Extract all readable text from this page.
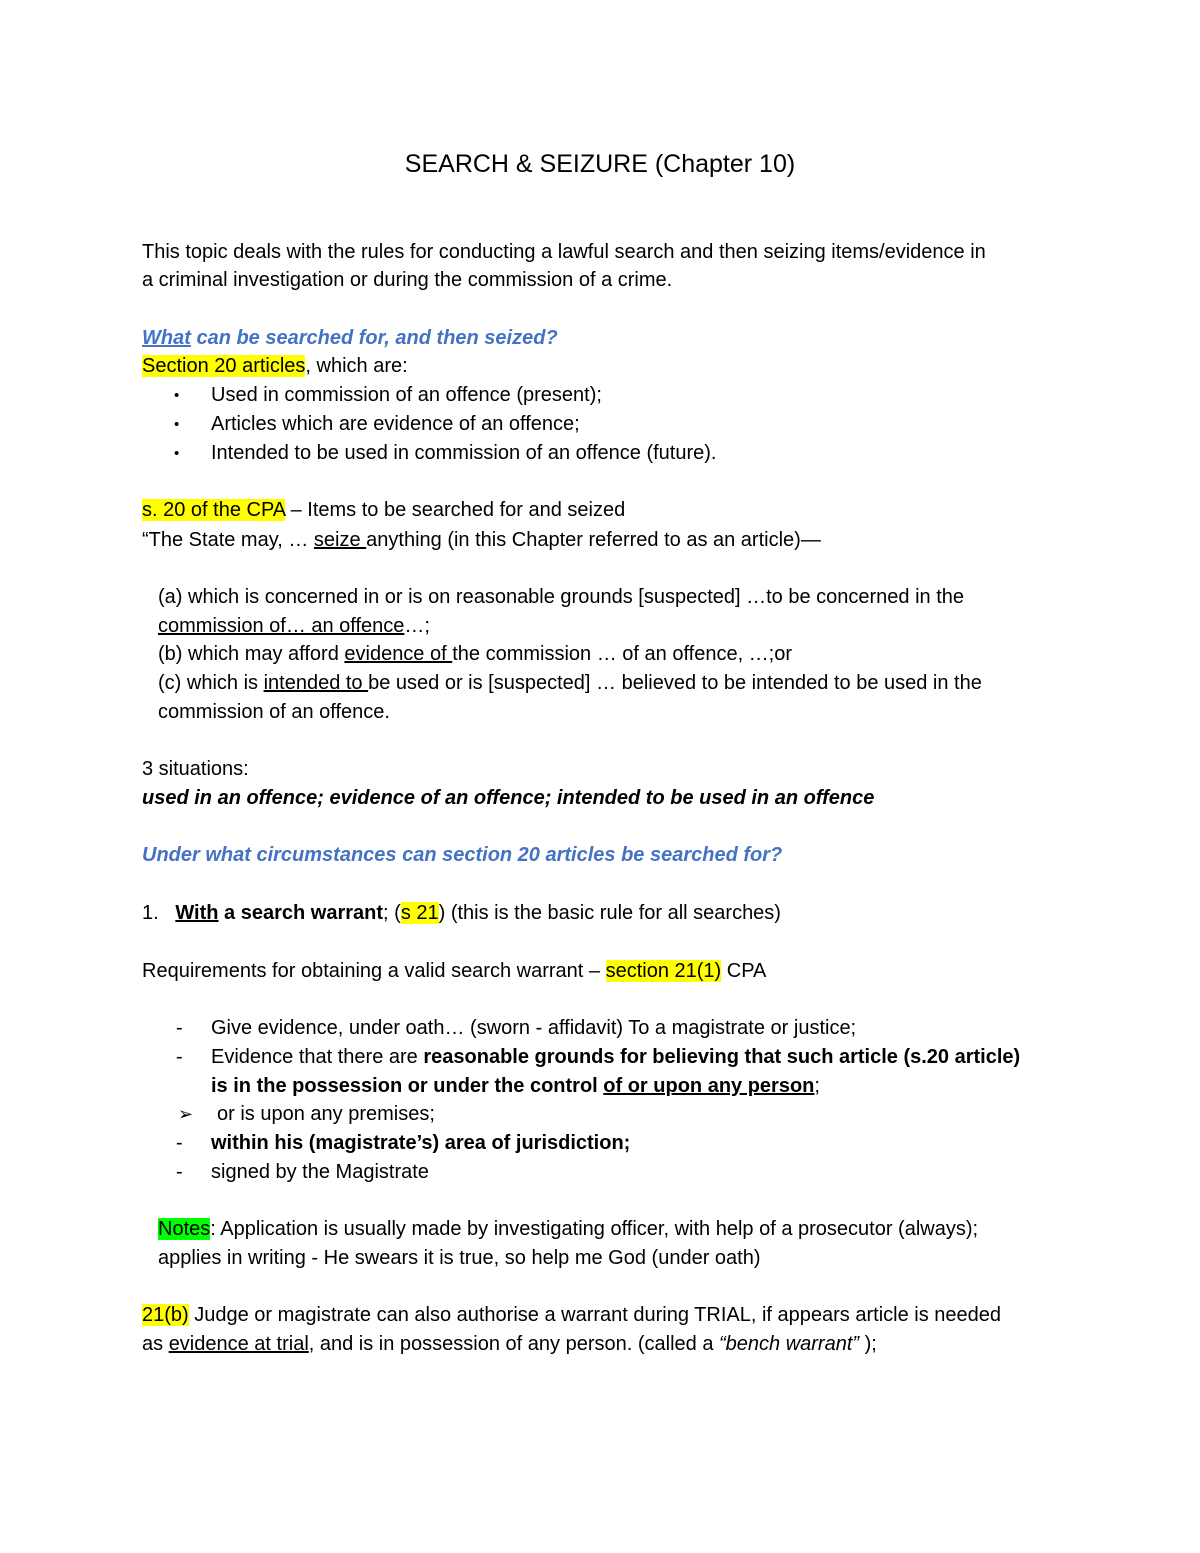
SEARCH & SEIZURE (Chapter 10)
This topic deals with the rules for conducting a lawful search and then seizing items/evidence in
a criminal investigation or during the commission of a crime.
What can be searched for, and then seized?
Section 20 articles, which are:
• Used in commission of an offence (present);
• Articles which are evidence of an offence;
• Intended to be used in commission of an offence (future).
s. 20 of the CPA – Items to be searched for and seized
“The State may, … seize anything (in this Chapter referred to as an article)—
(a) which is concerned in or is on reasonable grounds [suspected] …to be concerned in the
commission of… an offence…;
(b) which may afford evidence of the commission … of an offence, …;or
(c) which is intended to be used or is [suspected] … believed to be intended to be used in the
commission of an offence.
3 situations:
used in an offence; evidence of an offence; intended to be used in an offence
Under what circumstances can section 20 articles be searched for?
1. With a search warrant; (s 21) (this is the basic rule for all searches)
Requirements for obtaining a valid search warrant – section 21(1) CPA
- Give evidence, under oath… (sworn - affidavit) To a magistrate or justice;
- Evidence that there are reasonable grounds for believing that such article (s.20 article)
is in the possession or under the control of or upon any person;
➢ or is upon any premises;
- within his (magistrate’s) area of jurisdiction;
- signed by the Magistrate
Notes: Application is usually made by investigating officer, with help of a prosecutor (always);
applies in writing - He swears it is true, so help me God (under oath)
21(b) Judge or magistrate can also authorise a warrant during TRIAL, if appears article is needed
as evidence at trial, and is in possession of any person. (called a “bench warrant” );
